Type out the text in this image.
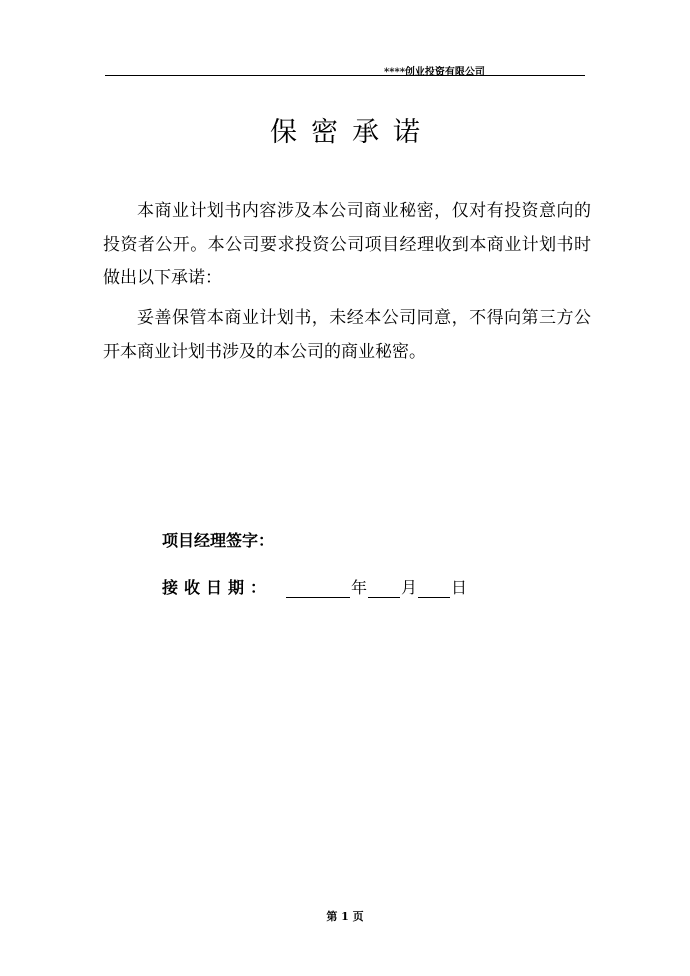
****创业投资有限公司
保密承诺

本商业计划书内容涉及本公司商业秘密，仅对有投资意向的投资者公开。本公司要求投资公司项目经理收到本商业计划书时做出以下承诺：

妥善保管本商业计划书，未经本公司同意，不得向第三方公开本商业计划书涉及的本公司的商业秘密。

项目经理签字：
接收日期：	年 月 日
第 1 页
